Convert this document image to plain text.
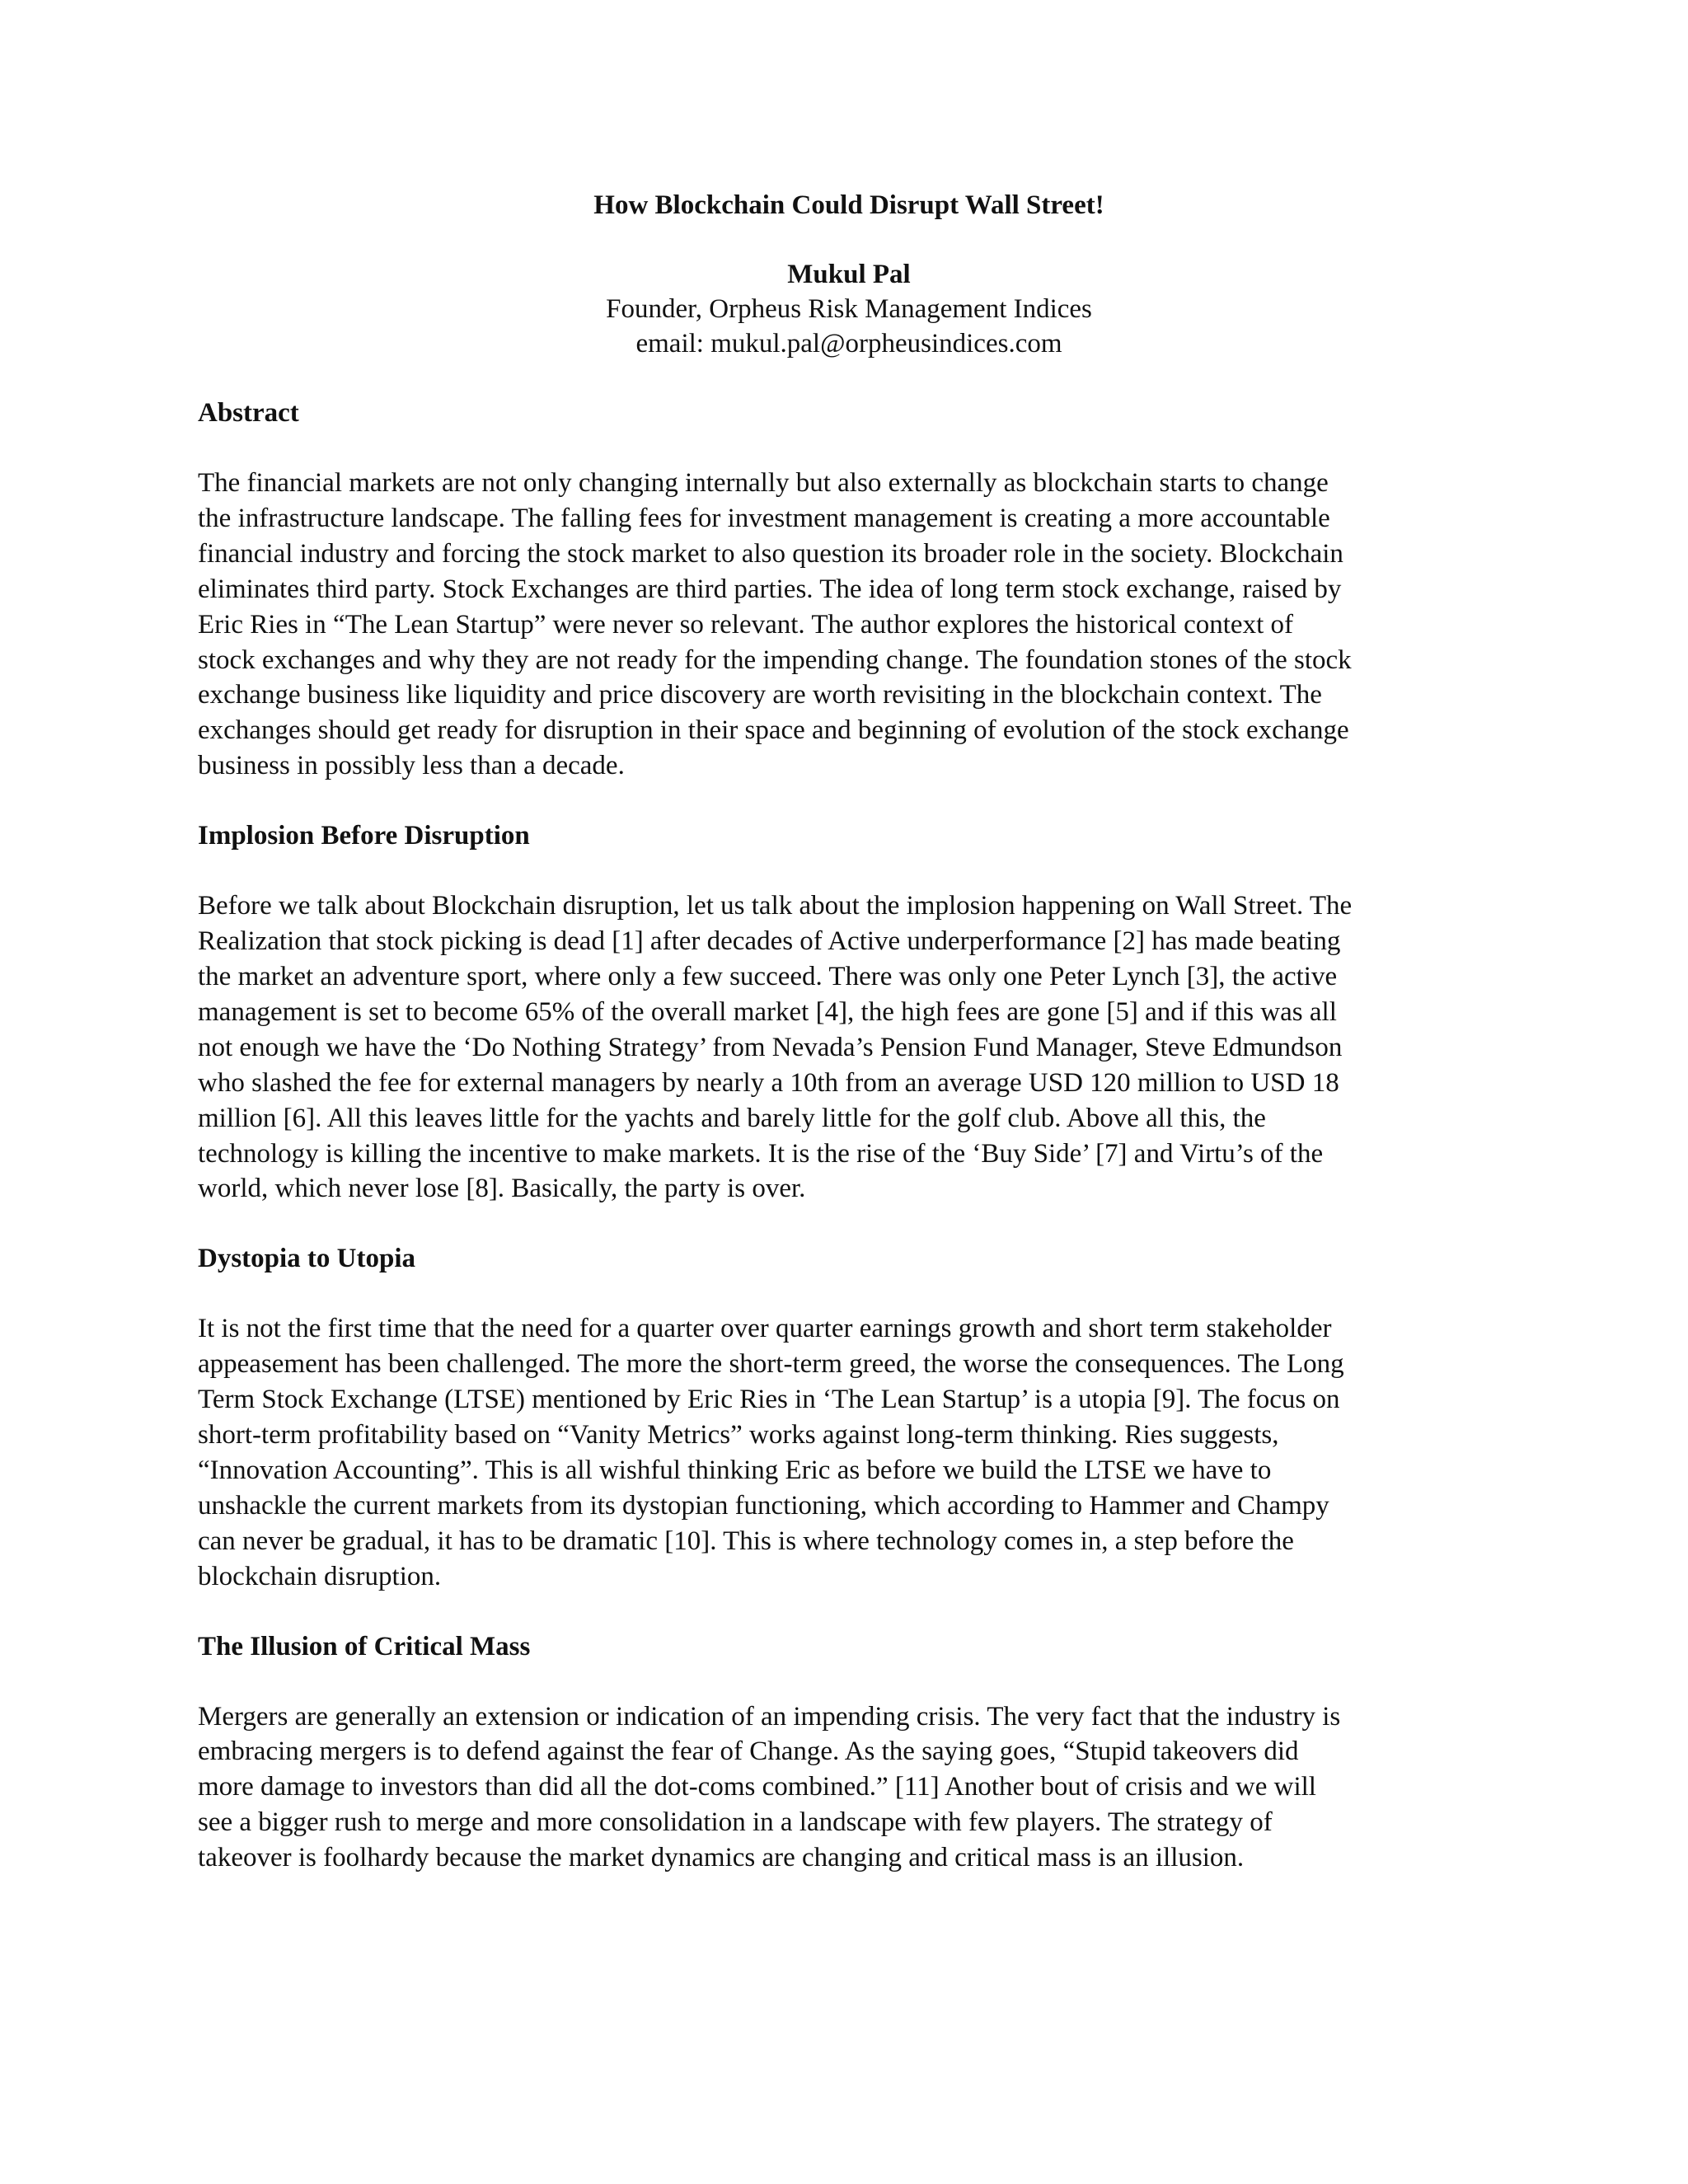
How Blockchain Could Disrupt Wall Street!
Mukul Pal
Founder, Orpheus Risk Management Indices
email: mukul.pal@orpheusindices.com
Abstract
The financial markets are not only changing internally but also externally as blockchain starts to change
the infrastructure landscape. The falling fees for investment management is creating a more accountable
financial industry and forcing the stock market to also question its broader role in the society. Blockchain
eliminates third party. Stock Exchanges are third parties. The idea of long term stock exchange, raised by
Eric Ries in “The Lean Startup” were never so relevant. The author explores the historical context of
stock exchanges and why they are not ready for the impending change. The foundation stones of the stock
exchange business like liquidity and price discovery are worth revisiting in the blockchain context. The
exchanges should get ready for disruption in their space and beginning of evolution of the stock exchange
business in possibly less than a decade.
Implosion Before Disruption
Before we talk about Blockchain disruption, let us talk about the implosion happening on Wall Street. The
Realization that stock picking is dead [1] after decades of Active underperformance [2] has made beating
the market an adventure sport, where only a few succeed. There was only one Peter Lynch [3], the active
management is set to become 65% of the overall market [4], the high fees are gone [5] and if this was all
not enough we have the ‘Do Nothing Strategy’ from Nevada’s Pension Fund Manager, Steve Edmundson
who slashed the fee for external managers by nearly a 10th from an average USD 120 million to USD 18
million [6]. All this leaves little for the yachts and barely little for the golf club. Above all this, the
technology is killing the incentive to make markets. It is the rise of the ‘Buy Side’ [7] and Virtu’s of the
world, which never lose [8]. Basically, the party is over.
Dystopia to Utopia
It is not the first time that the need for a quarter over quarter earnings growth and short term stakeholder
appeasement has been challenged. The more the short-term greed, the worse the consequences. The Long
Term Stock Exchange (LTSE) mentioned by Eric Ries in ‘The Lean Startup’ is a utopia [9]. The focus on
short-term profitability based on “Vanity Metrics” works against long-term thinking. Ries suggests,
“Innovation Accounting”. This is all wishful thinking Eric as before we build the LTSE we have to
unshackle the current markets from its dystopian functioning, which according to Hammer and Champy
can never be gradual, it has to be dramatic [10]. This is where technology comes in, a step before the
blockchain disruption.
The Illusion of Critical Mass
Mergers are generally an extension or indication of an impending crisis. The very fact that the industry is
embracing mergers is to defend against the fear of Change. As the saying goes, “Stupid takeovers did
more damage to investors than did all the dot-coms combined.” [11] Another bout of crisis and we will
see a bigger rush to merge and more consolidation in a landscape with few players. The strategy of
takeover is foolhardy because the market dynamics are changing and critical mass is an illusion.
